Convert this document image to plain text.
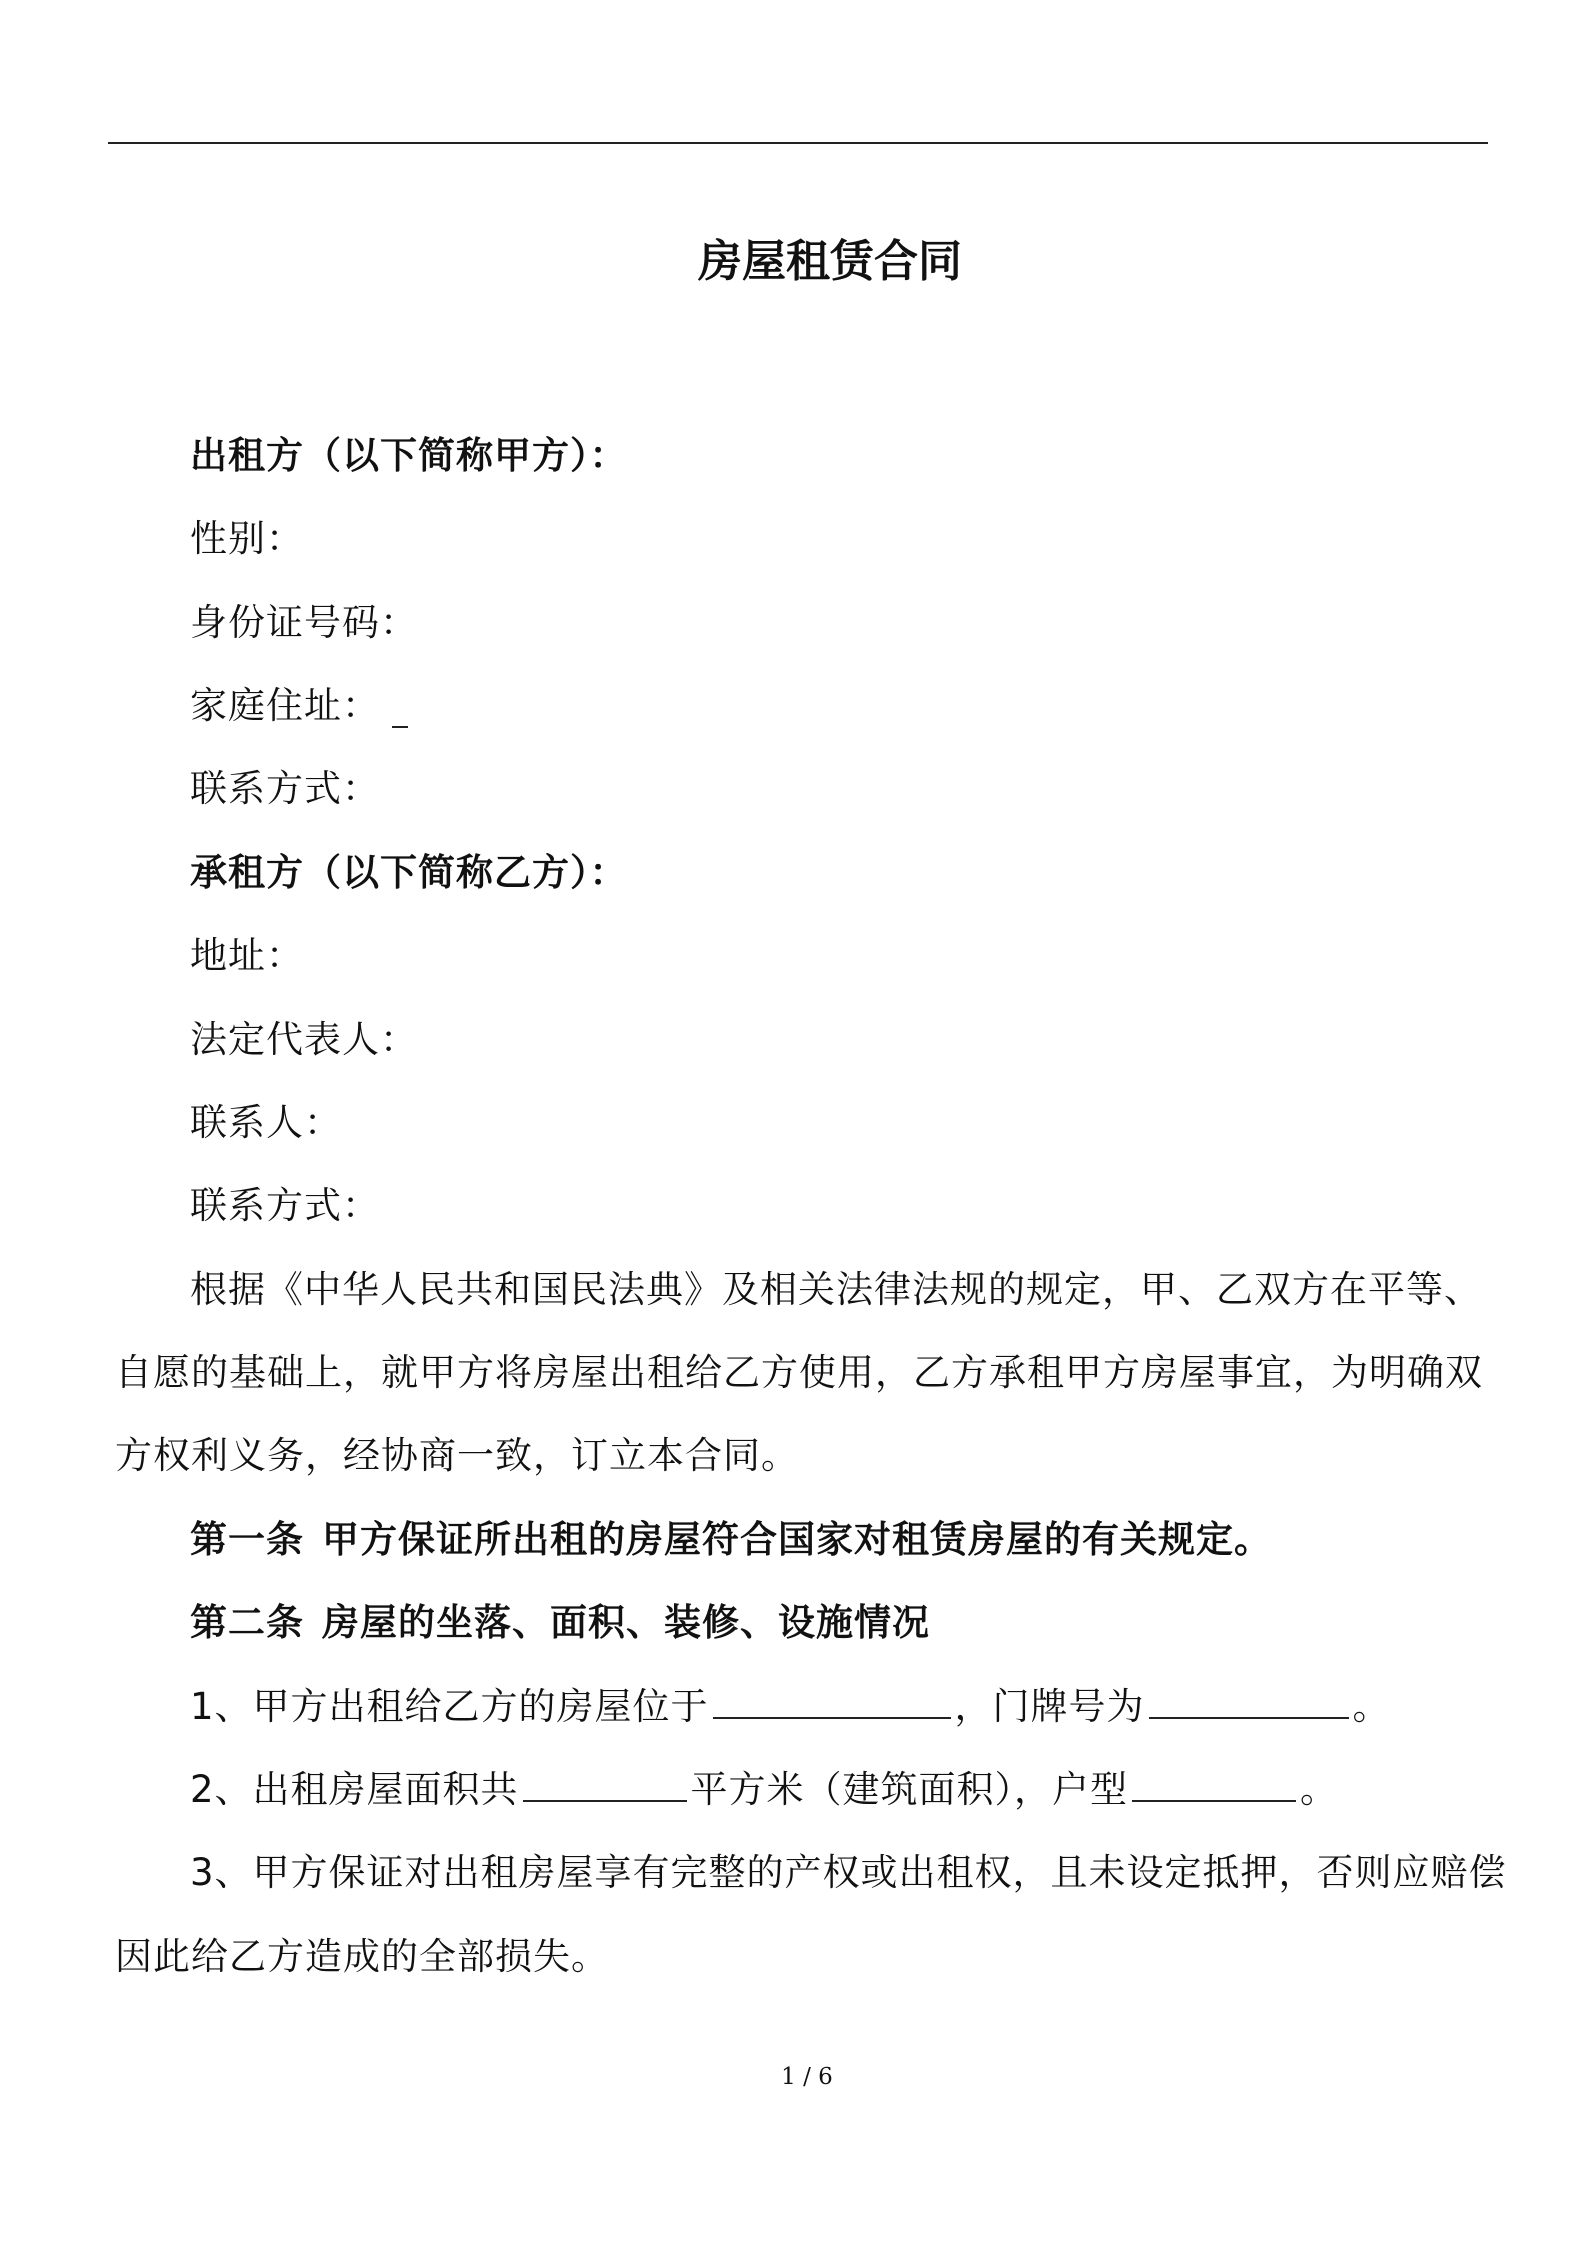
房屋租赁合同
出租方（以下简称甲方）：
性别：
身份证号码：
家庭住址：
联系方式：
承租方（以下简称乙方）：
地址：
法定代表人：
联系人：
联系方式：
根据《中华人民共和国民法典》及相关法律法规的规定，甲、乙双方在平等、
自愿的基础上，就甲方将房屋出租给乙方使用，乙方承租甲方房屋事宜，为明确双
方权利义务，经协商一致，订立本合同。
第一条 甲方保证所出租的房屋符合国家对租赁房屋的有关规定。
第二条 房屋的坐落、面积、装修、设施情况
1、甲方出租给乙方的房屋位于	，门牌号为	。
2、出租房屋面积共	平方米（建筑面积），户型	。
3、甲方保证对出租房屋享有完整的产权或出租权，且未设定抵押，否则应赔偿
因此给乙方造成的全部损失。
1 / 6
